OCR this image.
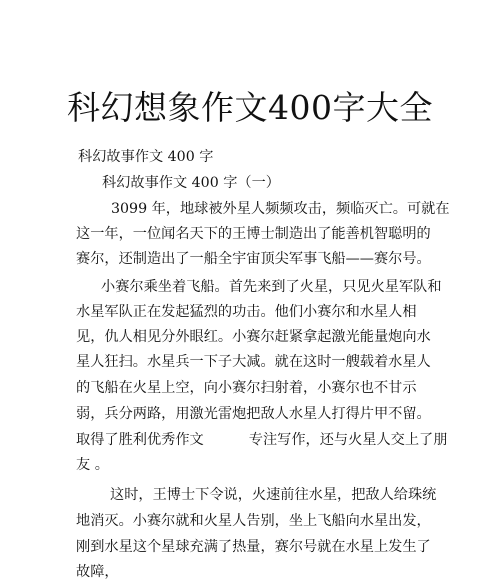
科幻想象作文400字大全
科幻故事作文 400 字
科幻故事作文 400 字（一）
3099 年，地球被外星人频频攻击，频临灭亡。可就在
这一年，一位闻名天下的王博士制造出了能善机智聪明的
赛尔，还制造出了一船全宇宙顶尖军事飞船——赛尔号。
小赛尔乘坐着飞船。首先来到了火星，只见火星军队和
水星军队正在发起猛烈的功击。他们小赛尔和水星人相
见，仇人相见分外眼红。小赛尔赶紧拿起激光能量炮向水
星人狂扫。水星兵一下子大减。就在这时一艘载着水星人
的飞船在火星上空，向小赛尔扫射着，小赛尔也不甘示
弱，兵分两路，用激光雷炮把敌人水星人打得片甲不留。
取得了胜利优秀作文          专注写作，还与火星人交上了朋
友 。
这时，王博士下令说，火速前往水星，把敌人给珠统
地消灭。小赛尔就和火星人告别，坐上飞船向水星出发，
刚到水星这个星球充满了热量，赛尔号就在水星上发生了
故障，
